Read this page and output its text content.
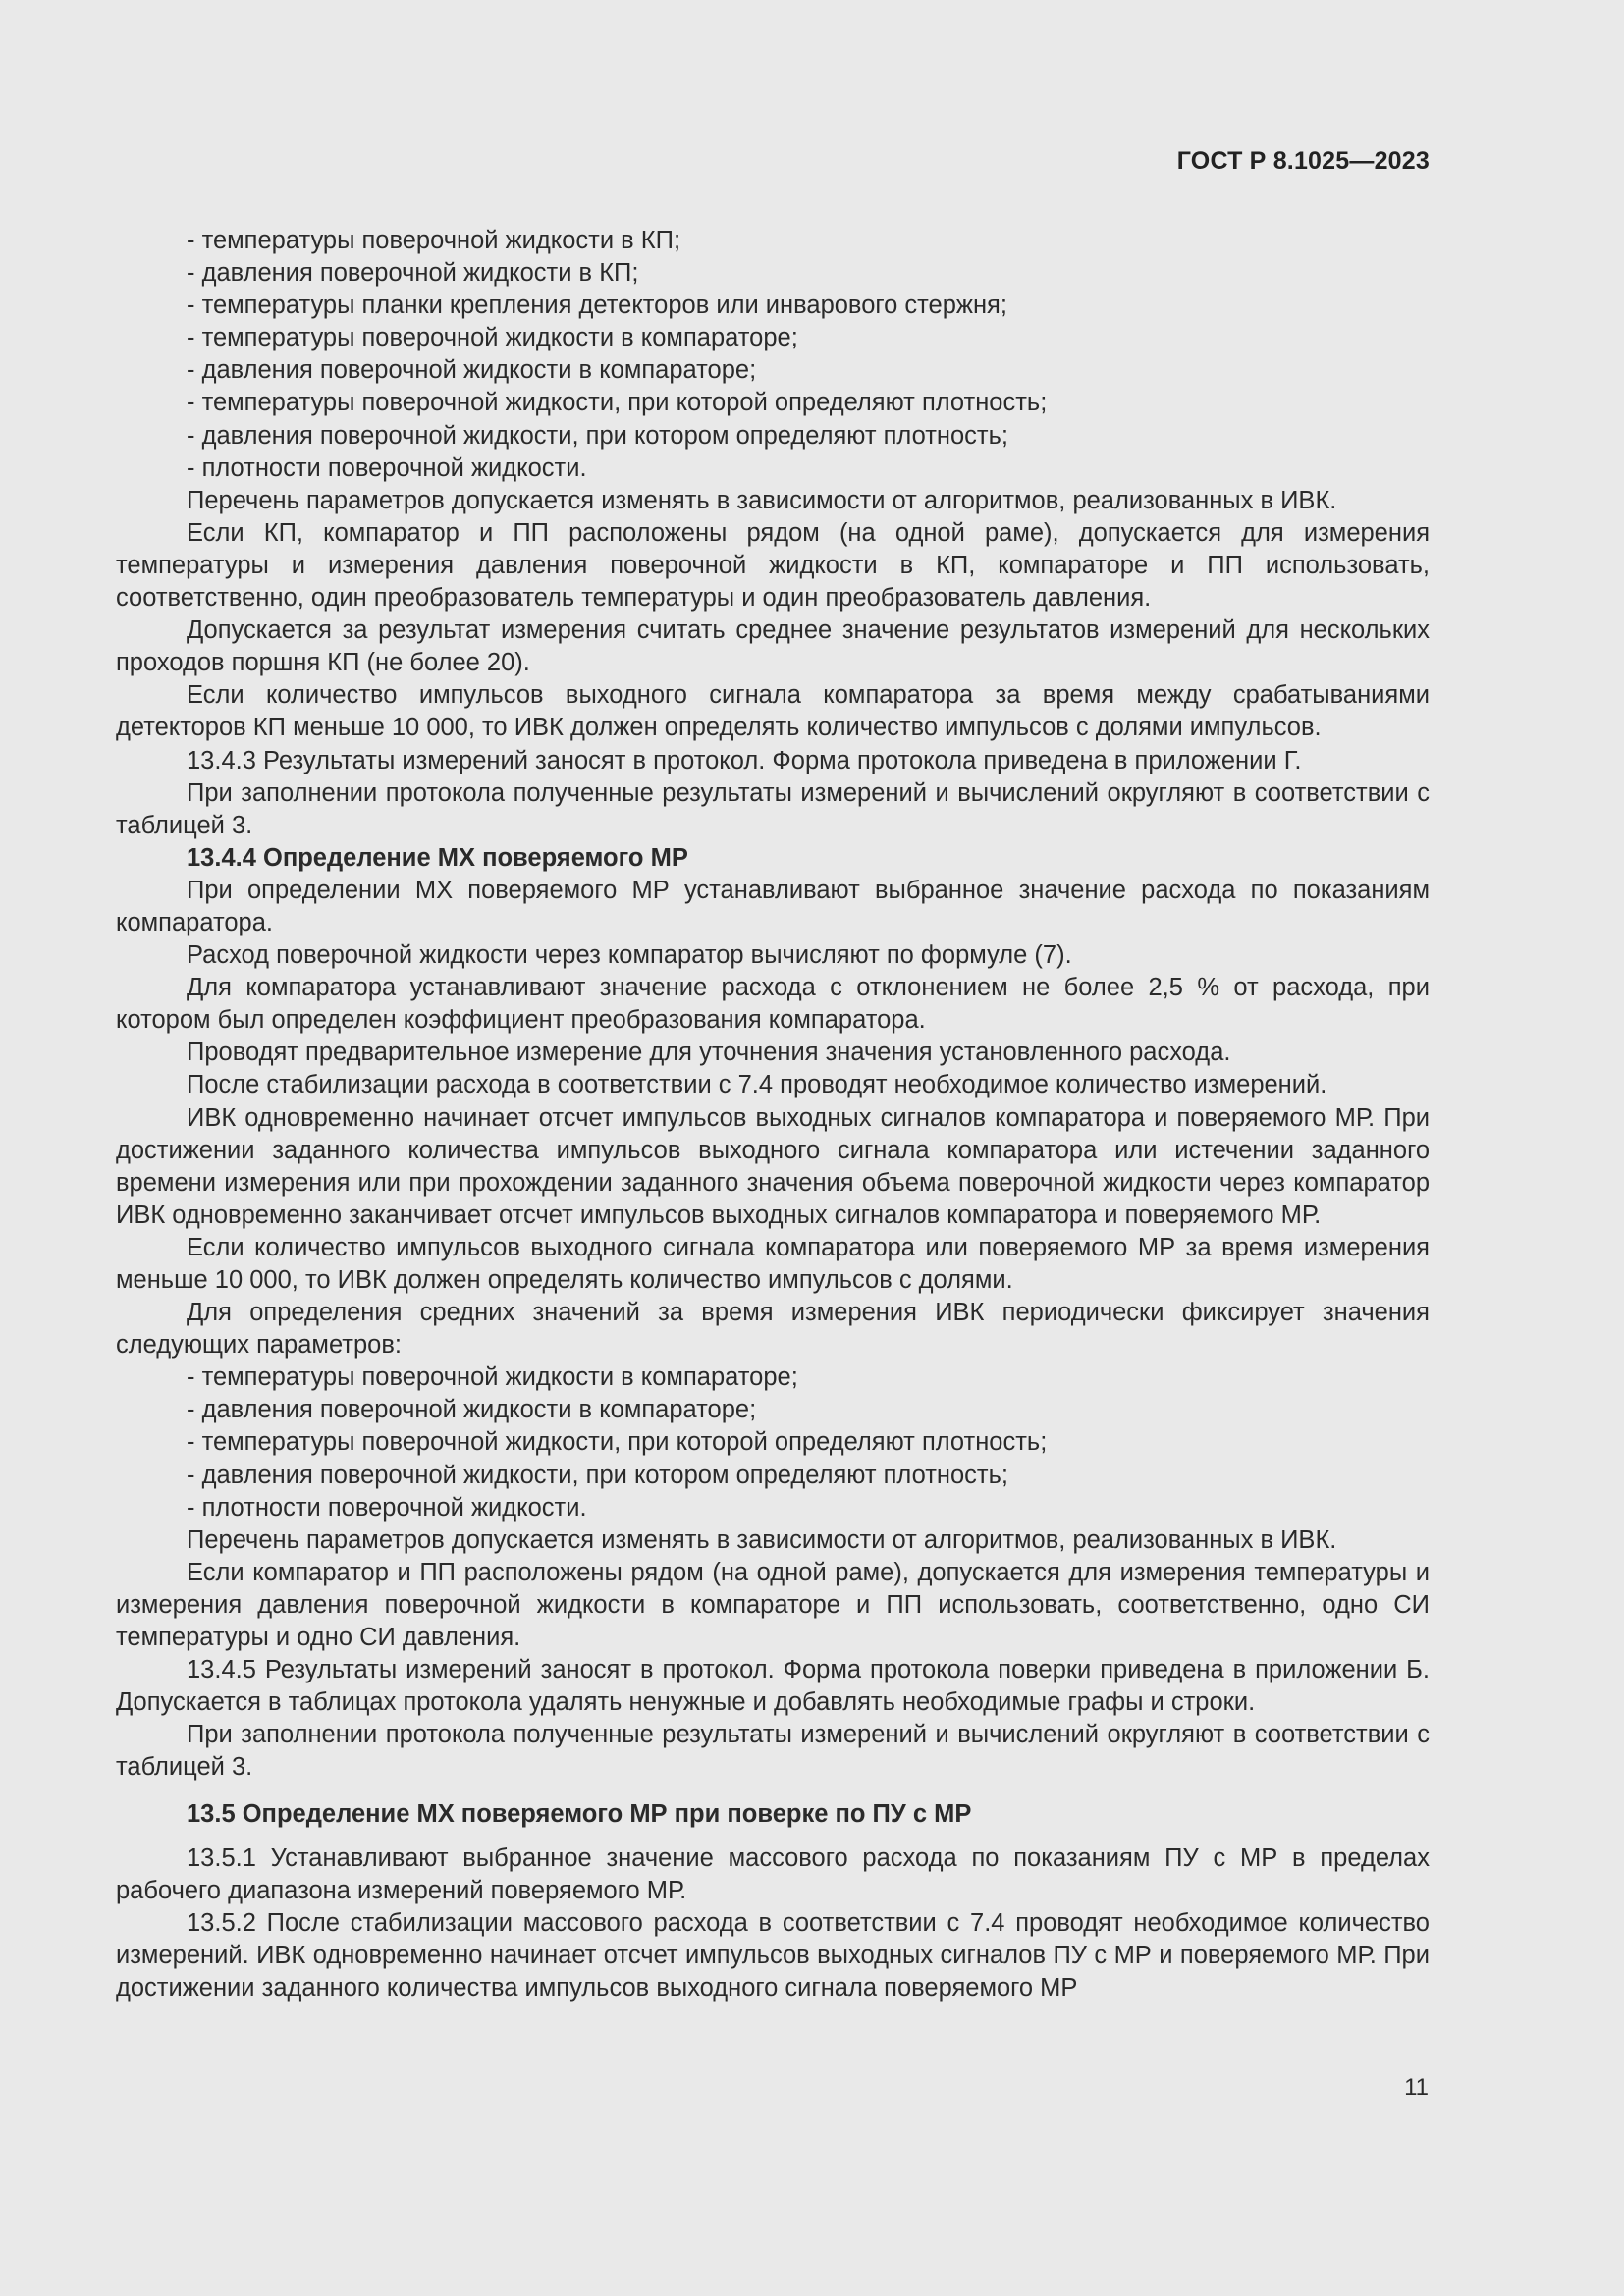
ГОСТ Р 8.1025—2023

- температуры поверочной жидкости в КП;

- давления поверочной жидкости в КП;

- температуры планки крепления детекторов или инварового стержня;

- температуры поверочной жидкости в компараторе;

- давления поверочной жидкости в компараторе;

- температуры поверочной жидкости, при которой определяют плотность;

- давления поверочной жидкости, при котором определяют плотность;

- плотности поверочной жидкости.

Перечень параметров допускается изменять в зависимости от алгоритмов, реализованных в ИВК.

Если КП, компаратор и ПП расположены рядом (на одной раме), допускается для измерения температуры и измерения давления поверочной жидкости в КП, компараторе и ПП использовать, соответственно, один преобразователь температуры и один преобразователь давления.

Допускается за результат измерения считать среднее значение результатов измерений для нескольких проходов поршня КП (не более 20).

Если количество импульсов выходного сигнала компаратора за время между срабатываниями детекторов КП меньше 10 000, то ИВК должен определять количество импульсов с долями импульсов.

13.4.3 Результаты измерений заносят в протокол. Форма протокола приведена в приложении Г.

При заполнении протокола полученные результаты измерений и вычислений округляют в соответствии с таблицей 3.

13.4.4 Определение МХ поверяемого МР

При определении МХ поверяемого МР устанавливают выбранное значение расхода по показаниям компаратора.

Расход поверочной жидкости через компаратор вычисляют по формуле (7).

Для компаратора устанавливают значение расхода с отклонением не более 2,5 % от расхода, при котором был определен коэффициент преобразования компаратора.

Проводят предварительное измерение для уточнения значения установленного расхода.

После стабилизации расхода в соответствии с 7.4 проводят необходимое количество измерений.

ИВК одновременно начинает отсчет импульсов выходных сигналов компаратора и поверяемого МР. При достижении заданного количества импульсов выходного сигнала компаратора или истечении заданного времени измерения или при прохождении заданного значения объема поверочной жидкости через компаратор ИВК одновременно заканчивает отсчет импульсов выходных сигналов компаратора и поверяемого МР.

Если количество импульсов выходного сигнала компаратора или поверяемого МР за время измерения меньше 10 000, то ИВК должен определять количество импульсов с долями.

Для определения средних значений за время измерения ИВК периодически фиксирует значения следующих параметров:

- температуры поверочной жидкости в компараторе;

- давления поверочной жидкости в компараторе;

- температуры поверочной жидкости, при которой определяют плотность;

- давления поверочной жидкости, при котором определяют плотность;

- плотности поверочной жидкости.

Перечень параметров допускается изменять в зависимости от алгоритмов, реализованных в ИВК.

Если компаратор и ПП расположены рядом (на одной раме), допускается для измерения температуры и измерения давления поверочной жидкости в компараторе и ПП использовать, соответственно, одно СИ температуры и одно СИ давления.

13.4.5 Результаты измерений заносят в протокол. Форма протокола поверки приведена в приложении Б. Допускается в таблицах протокола удалять ненужные и добавлять необходимые графы и строки.

При заполнении протокола полученные результаты измерений и вычислений округляют в соответствии с таблицей 3.

13.5 Определение МХ поверяемого МР при поверке по ПУ с МР

13.5.1 Устанавливают выбранное значение массового расхода по показаниям ПУ с МР в пределах рабочего диапазона измерений поверяемого МР.

13.5.2 После стабилизации массового расхода в соответствии с 7.4 проводят необходимое количество измерений. ИВК одновременно начинает отсчет импульсов выходных сигналов ПУ с МР и поверяемого МР. При достижении заданного количества импульсов выходного сигнала поверяемого МР

11
